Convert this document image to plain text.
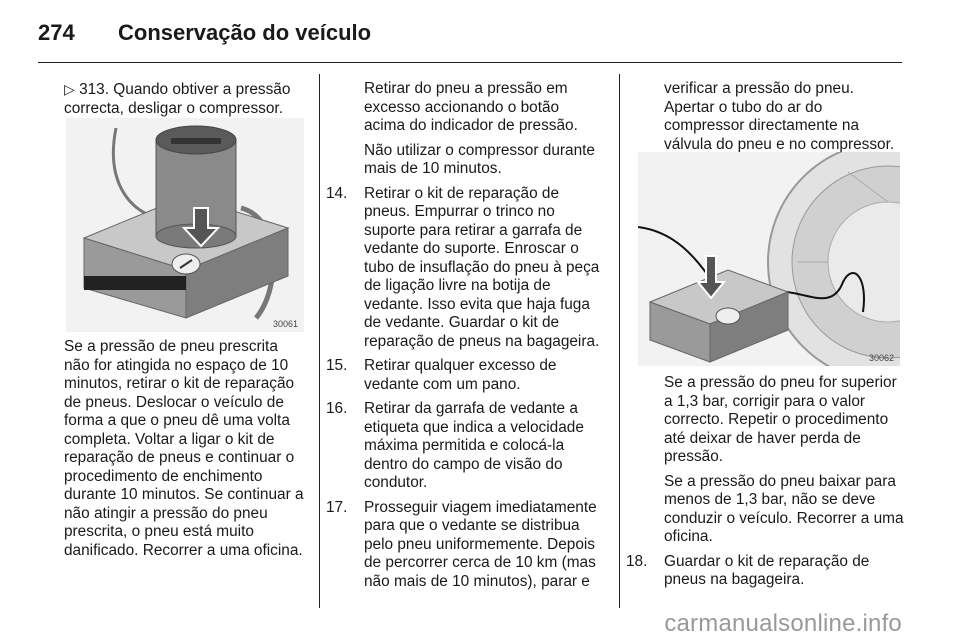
274 Conservação do veículo

▷ 313. Quando obtiver a pressão correcta, desligar o compressor.

30061

Se a pressão de pneu prescrita não for atingida no espaço de 10 minutos, retirar o kit de reparação de pneus. Deslocar o veículo de forma a que o pneu dê uma volta completa. Voltar a ligar o kit de reparação de pneus e continuar o procedimento de enchimento durante 10 minutos. Se continuar a não atingir a pressão do pneu prescrita, o pneu está muito danificado. Recorrer a uma oficina.

Retirar do pneu a pressão em excesso accionando o botão acima do indicador de pressão.

Não utilizar o compressor durante mais de 10 minutos.

14.	Retirar o kit de reparação de pneus. Empurrar o trinco no suporte para retirar a garrafa de vedante do suporte. Enroscar o tubo de insuflação do pneu à peça de ligação livre na botija de vedante. Isso evita que haja fuga de vedante. Guardar o kit de reparação de pneus na bagageira.
15.	Retirar qualquer excesso de vedante com um pano.
16.	Retirar da garrafa de vedante a etiqueta que indica a velocidade máxima permitida e colocá-la dentro do campo de visão do condutor.
17.	Prosseguir viagem imediatamente para que o vedante se distribua pelo pneu uniformemente. Depois de percorrer cerca de 10 km (mas não mais de 10 minutos), parar e

verificar a pressão do pneu. Apertar o tubo do ar do compressor directamente na válvula do pneu e no compressor.

30062

Se a pressão do pneu for superior a 1,3 bar, corrigir para o valor correcto. Repetir o procedimento até deixar de haver perda de pressão.

Se a pressão do pneu baixar para menos de 1,3 bar, não se deve conduzir o veículo. Recorrer a uma oficina.

18.	Guardar o kit de reparação de pneus na bagageira.
carmanualsonline.info
